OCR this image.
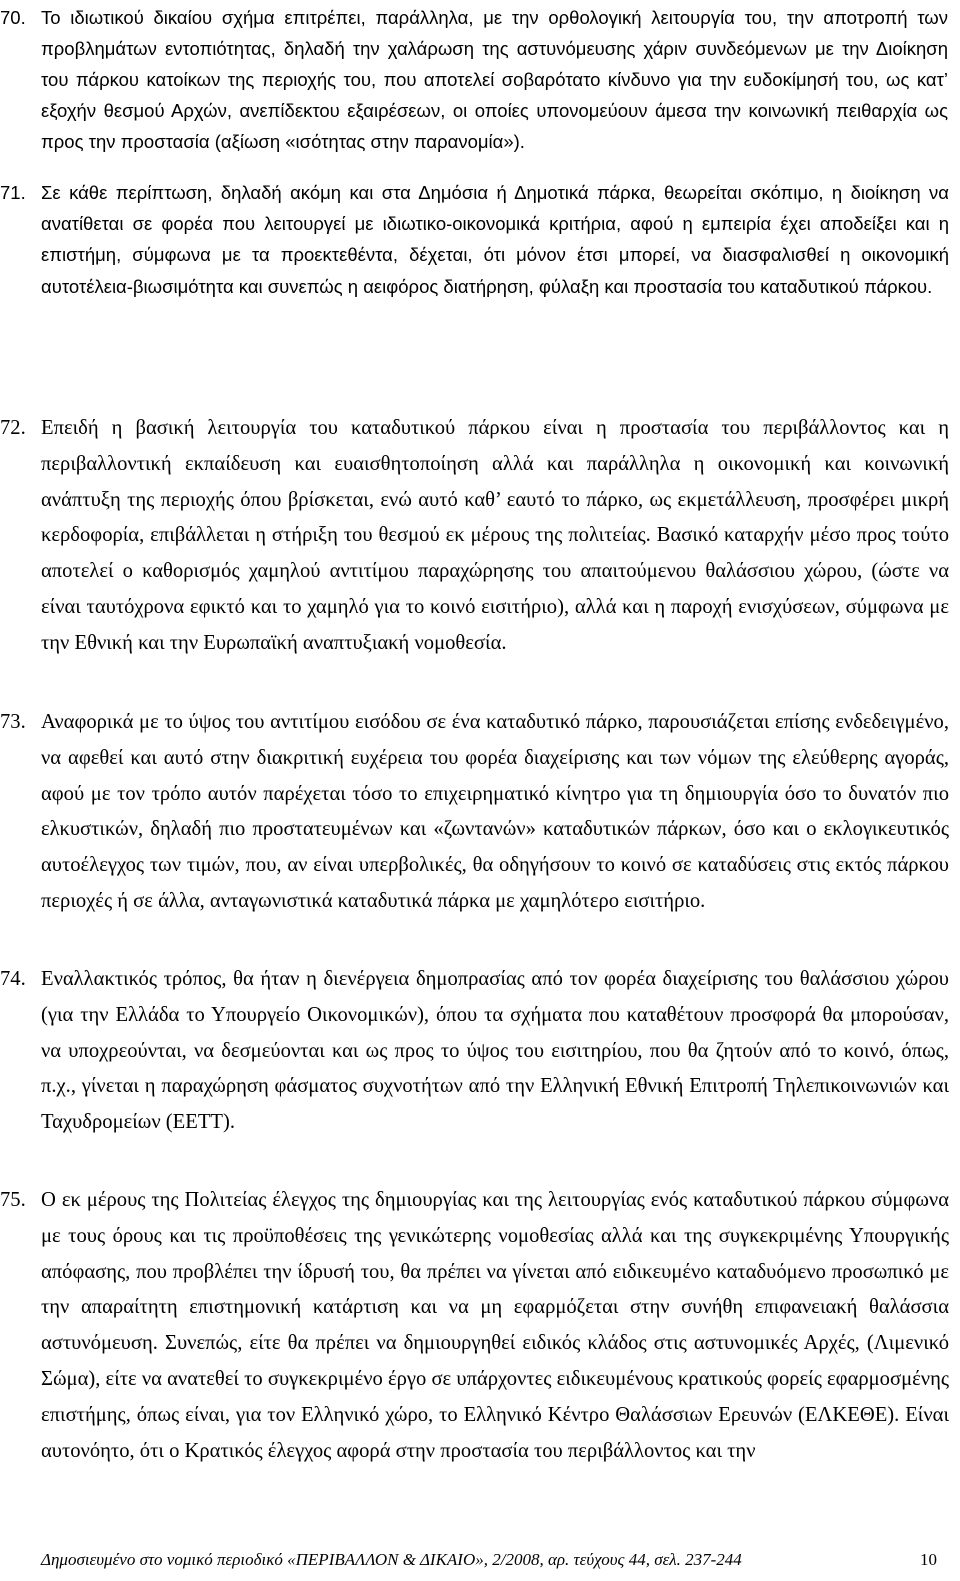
70. Το ιδιωτικού δικαίου σχήμα επιτρέπει, παράλληλα, με την ορθολογική λειτουργία του, την αποτροπή των προβλημάτων εντοπιότητας, δηλαδή την χαλάρωση της αστυνόμευσης χάριν συνδεόμενων με την Διοίκηση του πάρκου κατοίκων της περιοχής του, που αποτελεί σοβαρότατο κίνδυνο για την ευδοκίμησή του, ως κατ’ εξοχήν θεσμού Αρχών, ανεπίδεκτου εξαιρέσεων, οι οποίες υπονομεύουν άμεσα την κοινωνική πειθαρχία ως προς την προστασία (αξίωση «ισότητας στην παρανομία»).
71. Σε κάθε περίπτωση, δηλαδή ακόμη και στα Δημόσια ή Δημοτικά πάρκα, θεωρείται σκόπιμο, η διοίκηση να ανατίθεται σε φορέα που λειτουργεί με ιδιωτικο-οικονομικά κριτήρια, αφού η εμπειρία έχει αποδείξει και η επιστήμη, σύμφωνα με τα προεκτεθέντα, δέχεται, ότι μόνον έτσι μπορεί, να διασφαλισθεί η οικονομική αυτοτέλεια-βιωσιμότητα και συνεπώς η αειφόρος διατήρηση, φύλαξη και προστασία του καταδυτικού πάρκου.
72. Επειδή η βασική λειτουργία του καταδυτικού πάρκου είναι η προστασία του περιβάλλοντος και η περιβαλλοντική εκπαίδευση και ευαισθητοποίηση αλλά και παράλληλα η οικονομική και κοινωνική ανάπτυξη της περιοχής όπου βρίσκεται, ενώ αυτό καθ’ εαυτό το πάρκο, ως εκμετάλλευση, προσφέρει μικρή κερδοφορία, επιβάλλεται η στήριξη του θεσμού εκ μέρους της πολιτείας. Βασικό καταρχήν μέσο προς τούτο αποτελεί ο καθορισμός χαμηλού αντιτίμου παραχώρησης του απαιτούμενου θαλάσσιου χώρου, (ώστε να είναι ταυτόχρονα εφικτό και το χαμηλό για το κοινό εισιτήριο), αλλά και η παροχή ενισχύσεων, σύμφωνα με την Εθνική και την Ευρωπαϊκή αναπτυξιακή νομοθεσία.
73. Αναφορικά με το ύψος του αντιτίμου εισόδου σε ένα καταδυτικό πάρκο, παρουσιάζεται επίσης ενδεδειγμένο, να αφεθεί και αυτό στην διακριτική ευχέρεια του φορέα διαχείρισης και των νόμων της ελεύθερης αγοράς, αφού με τον τρόπο αυτόν παρέχεται τόσο το επιχειρηματικό κίνητρο για τη δημιουργία όσο το δυνατόν πιο ελκυστικών, δηλαδή πιο προστατευμένων και «ζωντανών» καταδυτικών πάρκων, όσο και ο εκλογικευτικός αυτοέλεγχος των τιμών, που, αν είναι υπερβολικές, θα οδηγήσουν το κοινό σε καταδύσεις στις εκτός πάρκου περιοχές ή σε άλλα, ανταγωνιστικά καταδυτικά πάρκα με χαμηλότερο εισιτήριο.
74. Εναλλακτικός τρόπος, θα ήταν η διενέργεια δημοπρασίας από τον φορέα διαχείρισης του θαλάσσιου χώρου (για την Ελλάδα το Υπουργείο Οικονομικών), όπου τα σχήματα που καταθέτουν προσφορά θα μπορούσαν, να υποχρεούνται, να δεσμεύονται και ως προς το ύψος του εισιτηρίου, που θα ζητούν από το κοινό, όπως, π.χ., γίνεται η παραχώρηση φάσματος συχνοτήτων από την Ελληνική Εθνική Επιτροπή Τηλεπικοινωνιών και Ταχυδρομείων (ΕΕΤΤ).
75. Ο εκ μέρους της Πολιτείας έλεγχος της δημιουργίας και της λειτουργίας ενός καταδυτικού πάρκου σύμφωνα με τους όρους και τις προϋποθέσεις της γενικώτερης νομοθεσίας αλλά και της συγκεκριμένης Υπουργικής απόφασης, που προβλέπει την ίδρυσή του, θα πρέπει να γίνεται από ειδικευμένο καταδυόμενο προσωπικό με την απαραίτητη επιστημονική κατάρτιση και να μη εφαρμόζεται στην συνήθη επιφανειακή θαλάσσια αστυνόμευση. Συνεπώς, είτε θα πρέπει να δημιουργηθεί ειδικός κλάδος στις αστυνομικές Αρχές, (Λιμενικό Σώμα), είτε να ανατεθεί το συγκεκριμένο έργο σε υπάρχοντες ειδικευμένους κρατικούς φορείς εφαρμοσμένης επιστήμης, όπως είναι, για τον Ελληνικό χώρο, το Ελληνικό Κέντρο Θαλάσσιων Ερευνών (ΕΛΚΕΘΕ). Είναι αυτονόητο, ότι ο Κρατικός έλεγχος αφορά στην προστασία του περιβάλλοντος και την
Δημοσιευμένο στο νομικό περιοδικό «ΠΕΡΙΒΑΛΛΟΝ & ΔΙΚΑΙΟ», 2/2008, αρ. τεύχους 44, σελ. 237-244	10
